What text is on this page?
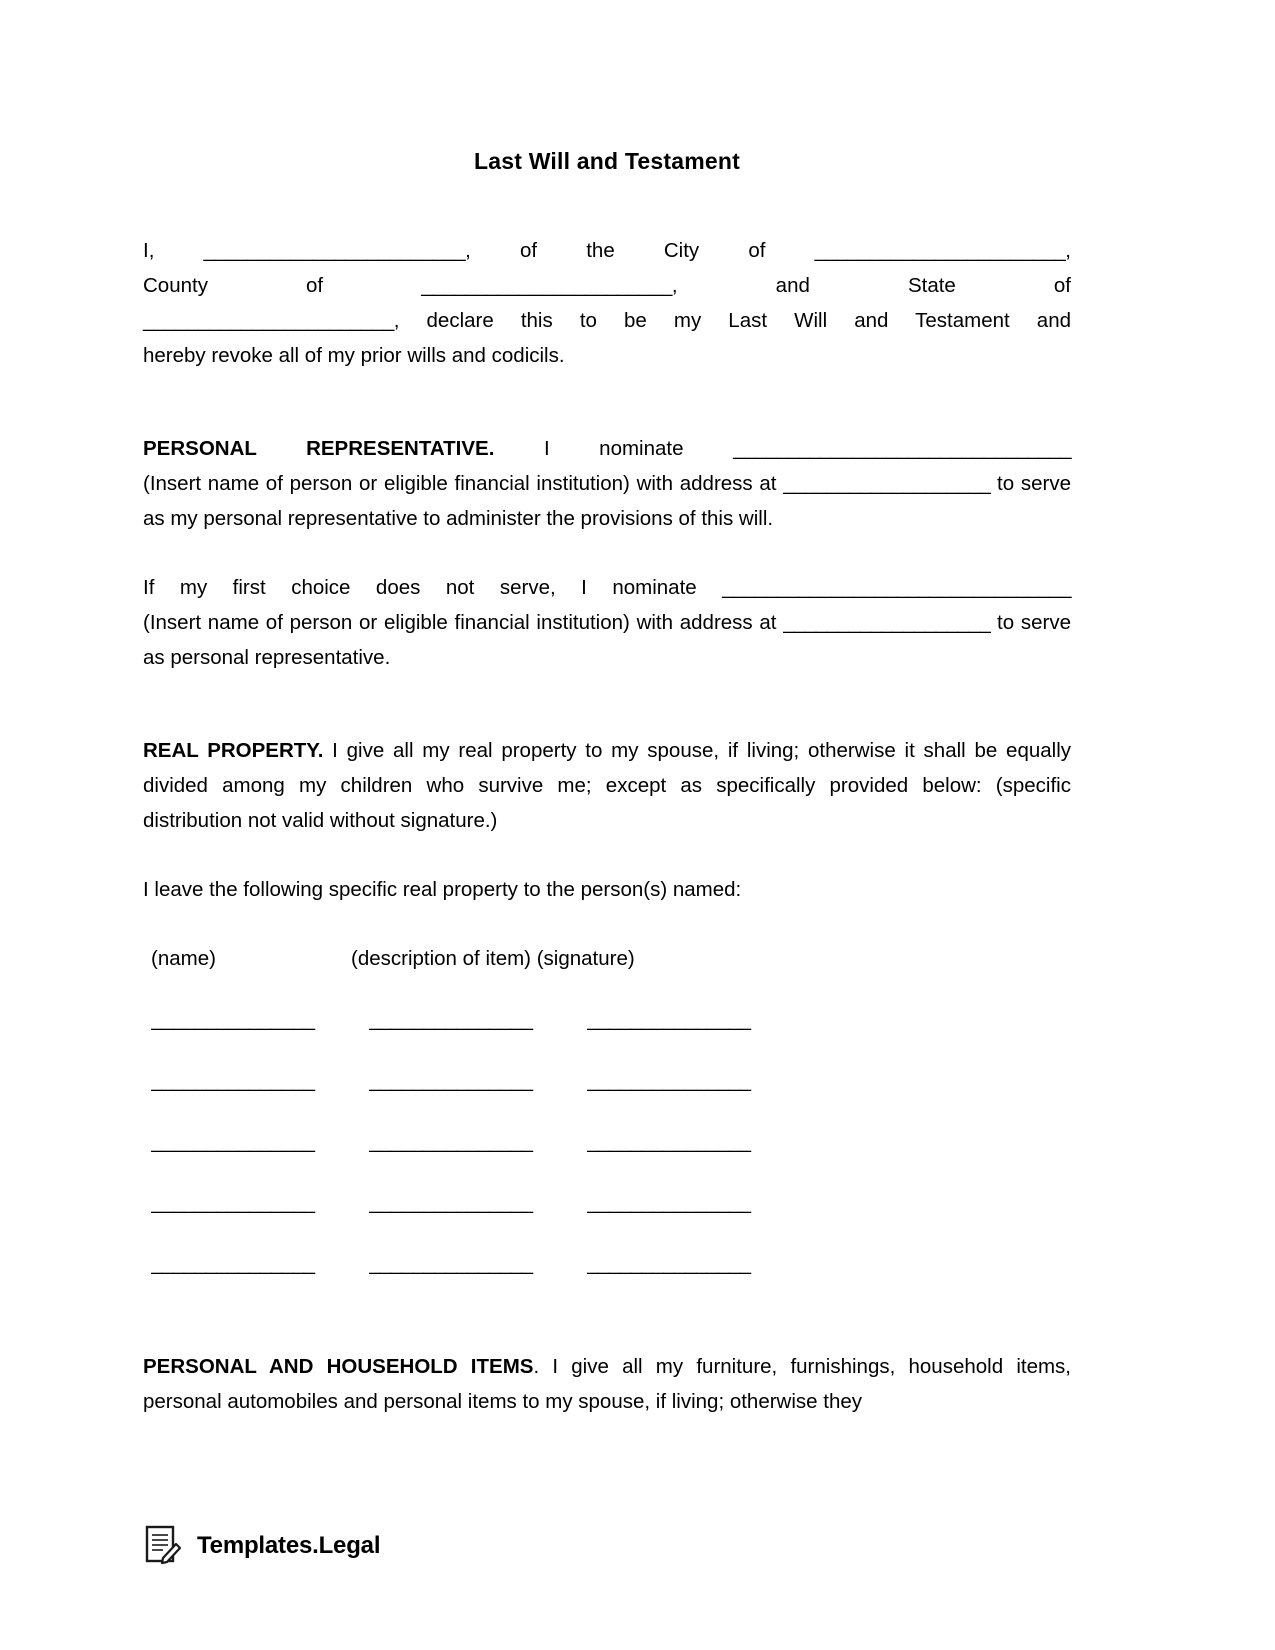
Last Will and Testament

I, ________________________, of the City of _______________________,
County of _______________________, and State of
_______________________, declare this to be my Last Will and Testament and
hereby revoke all of my prior wills and codicils.

PERSONAL REPRESENTATIVE. I nominate _______________________________
(Insert name of person or eligible financial institution) with address at ___________________ to serve as my personal representative to administer the provisions of this will.

If my first choice does not serve, I nominate ________________________________
(Insert name of person or eligible financial institution) with address at ___________________ to serve as personal representative.

REAL PROPERTY. I give all my real property to my spouse, if living; otherwise it shall be equally divided among my children who survive me; except as specifically provided below: (specific distribution not valid without signature.)

I leave the following specific real property to the person(s) named:

(name)	(description of item) (signature)

_______________	_______________	_______________
_______________	_______________	_______________
_______________	_______________	_______________
_______________	_______________	_______________
_______________	_______________	_______________

PERSONAL AND HOUSEHOLD ITEMS. I give all my furniture, furnishings, household items, personal automobiles and personal items to my spouse, if living; otherwise they

Templates.Legal
